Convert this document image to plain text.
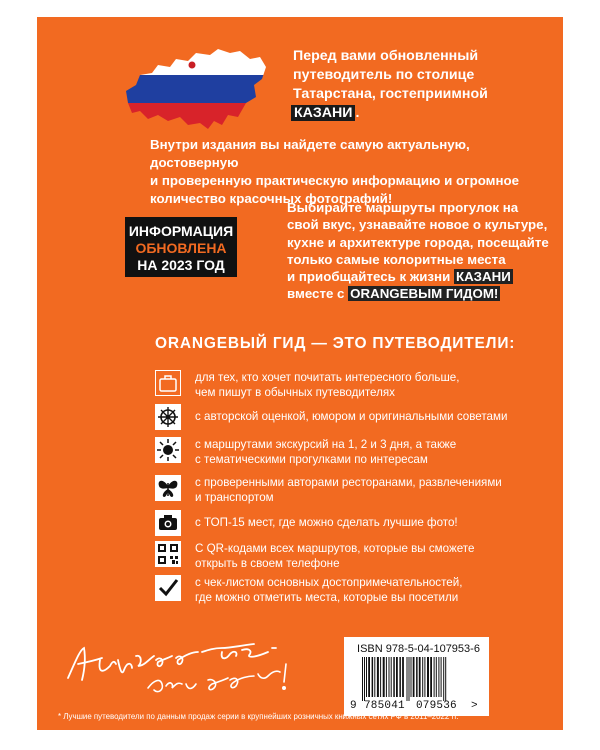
Перед вами обновленный
путеводитель по столице
Татарстана, гостеприимной
КАЗАНИ .
Внутри издания вы найдете самую актуальную, достоверную
и проверенную практическую информацию и огромное
количество красочных фотографий!
ИНФОРМАЦИЯ
ОБНОВЛЕНА
НА 2023 ГОД
Выбирайте маршруты прогулок на
свой вкус, узнавайте новое о культуре,
кухне и архитектуре города, посещайте
только самые колоритные места
и приобщайтесь к жизни КАЗАНИ
вместе с ORANGEВЫМ ГИДОМ!
ORANGEВЫЙ ГИД — ЭТО ПУТЕВОДИТЕЛИ:
для тех, кто хочет почитать интересного больше,
чем пишут в обычных путеводителях
с авторской оценкой, юмором и оригинальными советами
с маршрутами экскурсий на 1, 2 и 3 дня, а также
с тематическими прогулками по интересам
с проверенными авторами ресторанами, развлечениями
и транспортом
с ТОП-15 мест, где можно сделать лучшие фото!
С QR-кодами всех маршрутов, которые вы сможете
открыть в своем телефоне
с чек-листом основных достопримечательностей,
где можно отметить места, которые вы посетили
ISBN 978-5-04-107953-6
9 785041 079536 >
* Лучшие путеводители по данным продаж серии в крупнейших розничных книжных сетях РФ в 2011–2022 гг.
